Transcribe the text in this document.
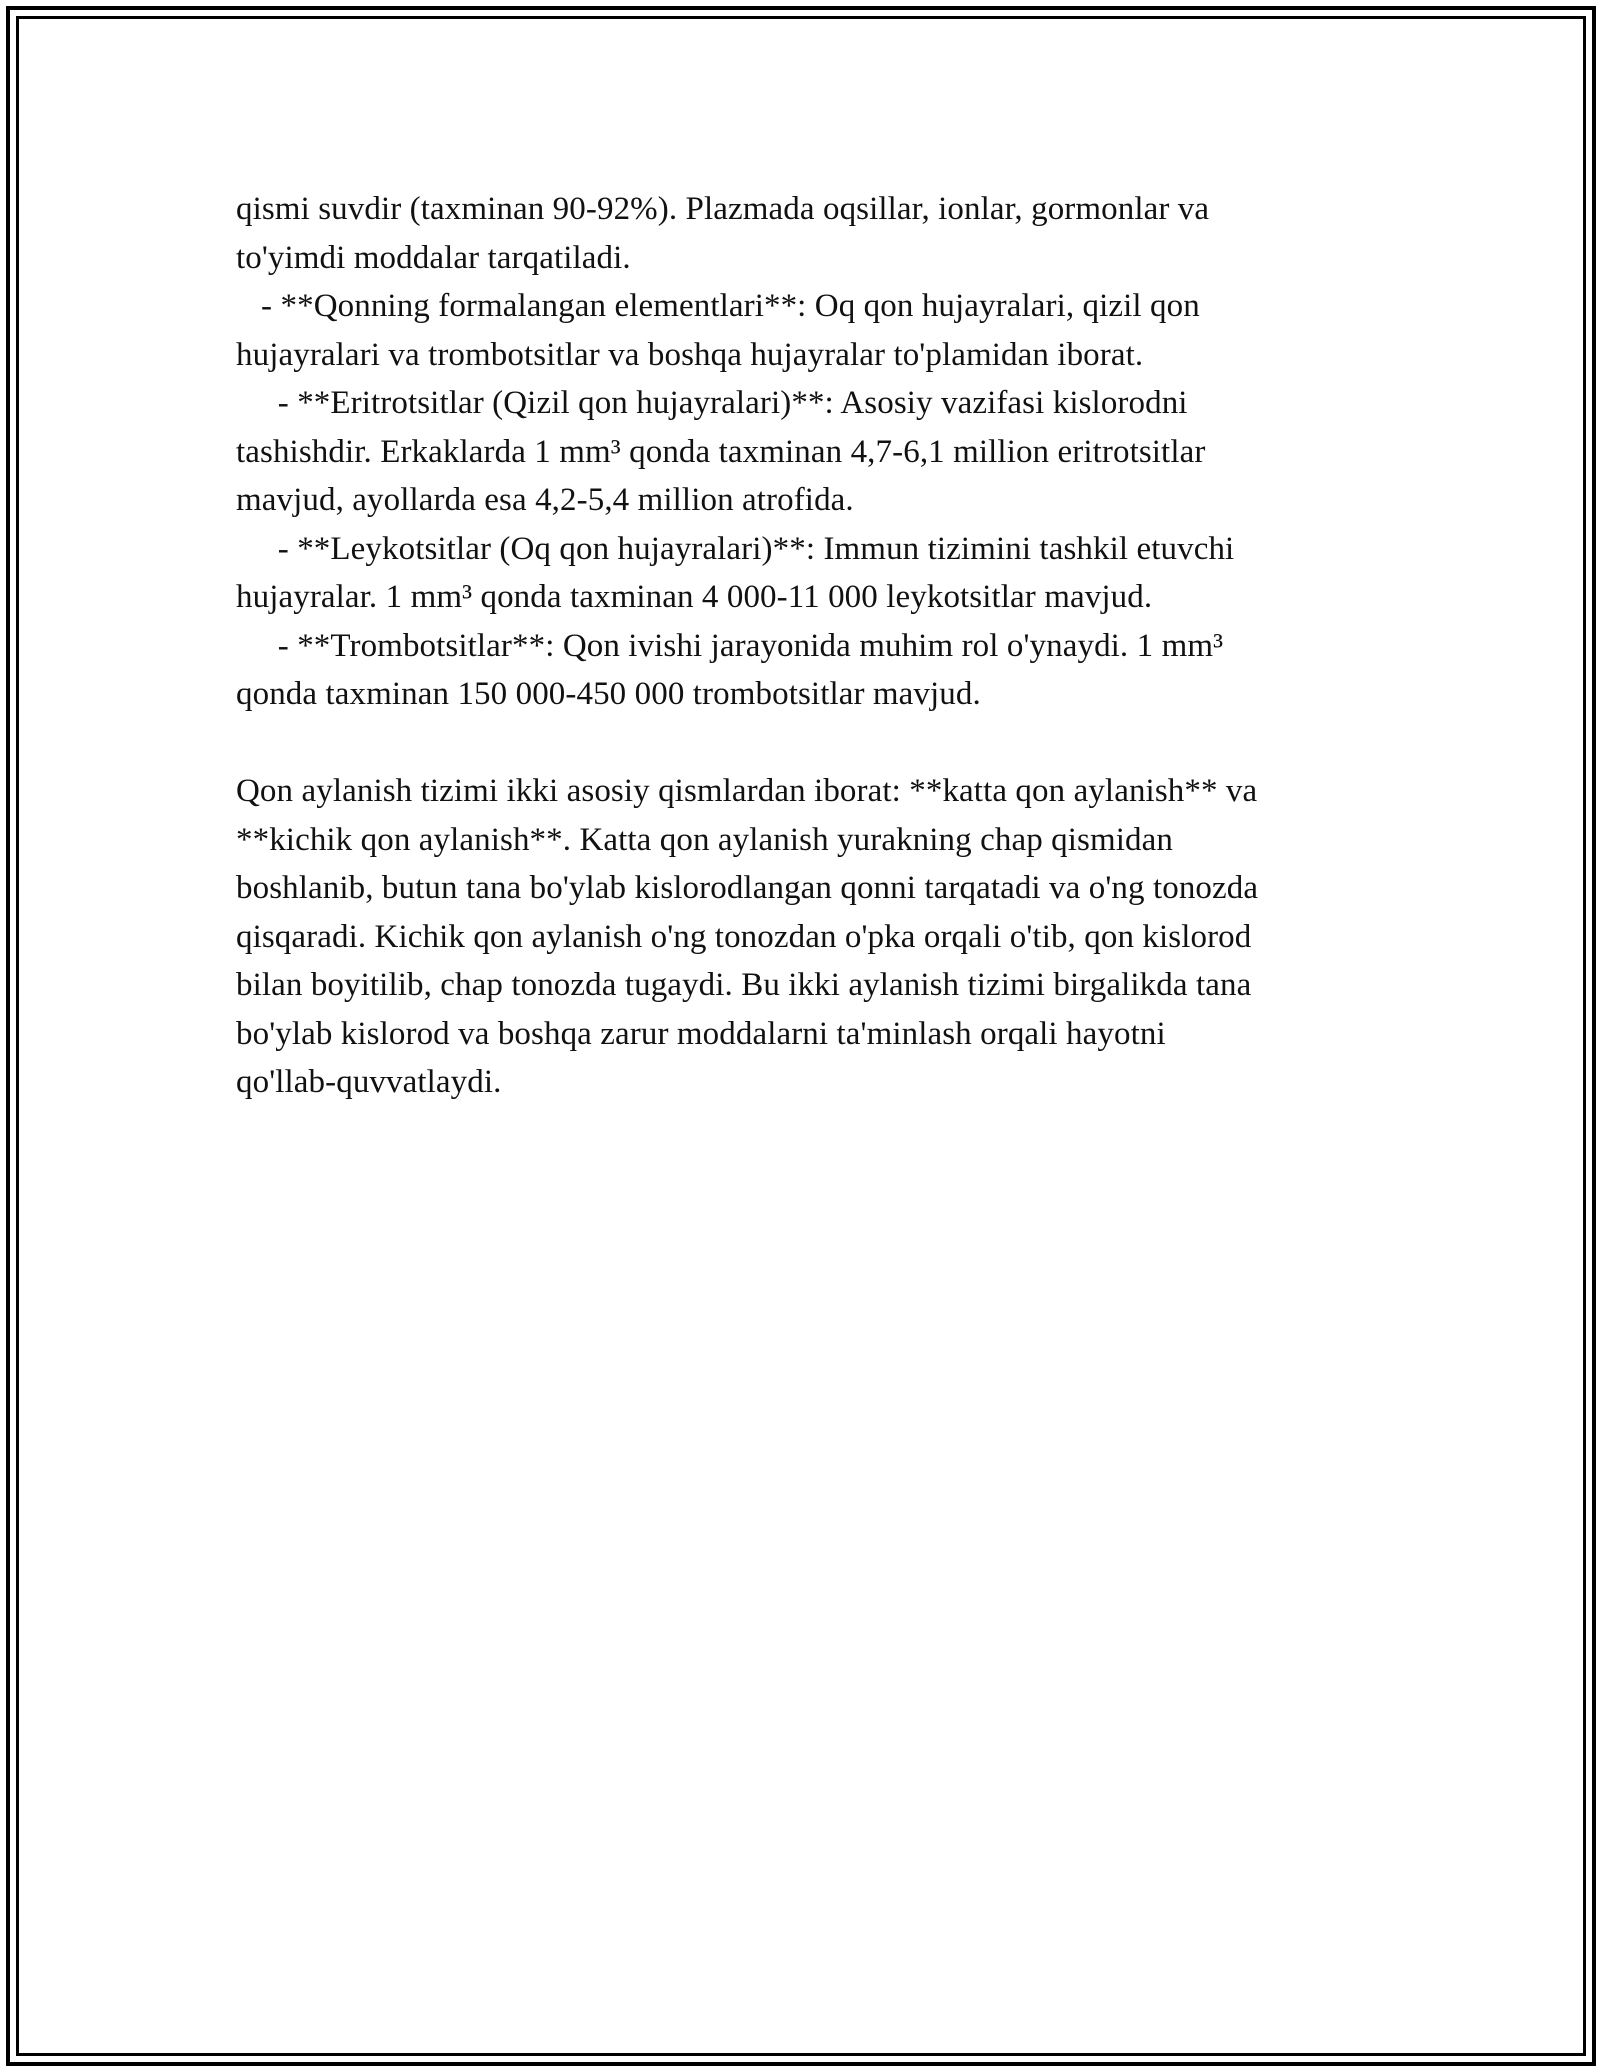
qismi suvdir (taxminan 90-92%). Plazmada oqsillar, ionlar, gormonlar va
to'yimdi moddalar tarqatiladi.
- **Qonning formalangan elementlari**: Oq qon hujayralari, qizil qon
hujayralari va trombotsitlar va boshqa hujayralar to'plamidan iborat.
- **Eritrotsitlar (Qizil qon hujayralari)**: Asosiy vazifasi kislorodni
tashishdir. Erkaklarda 1 mm³ qonda taxminan 4,7-6,1 million eritrotsitlar
mavjud, ayollarda esa 4,2-5,4 million atrofida.
- **Leykotsitlar (Oq qon hujayralari)**: Immun tizimini tashkil etuvchi
hujayralar. 1 mm³ qonda taxminan 4 000-11 000 leykotsitlar mavjud.
- **Trombotsitlar**: Qon ivishi jarayonida muhim rol o'ynaydi. 1 mm³
qonda taxminan 150 000-450 000 trombotsitlar mavjud.
Qon aylanish tizimi ikki asosiy qismlardan iborat: **katta qon aylanish** va
**kichik qon aylanish**. Katta qon aylanish yurakning chap qismidan
boshlanib, butun tana bo'ylab kislorodlangan qonni tarqatadi va o'ng tonozda
qisqaradi. Kichik qon aylanish o'ng tonozdan o'pka orqali o'tib, qon kislorod
bilan boyitilib, chap tonozda tugaydi. Bu ikki aylanish tizimi birgalikda tana
bo'ylab kislorod va boshqa zarur moddalarni ta'minlash orqali hayotni
qo'llab-quvvatlaydi.
